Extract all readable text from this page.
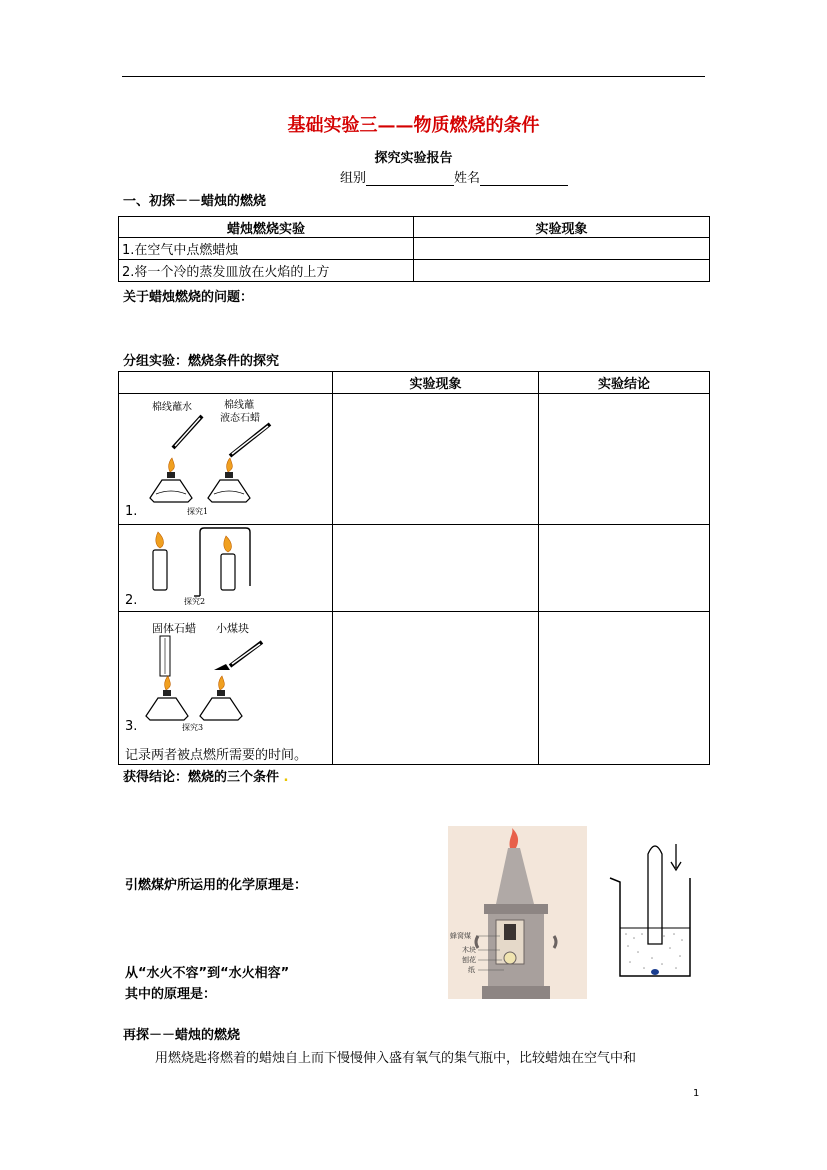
基础实验三——物质燃烧的条件
探究实验报告
组别	姓名
一、初探－－蜡烛的燃烧
蜡烛燃烧实验	实验现象
1.在空气中点燃蜡烛	
2.将一个冷的蒸发皿放在火焰的上方	
关于蜡烛燃烧的问题：
分组实验：燃烧条件的探究
	实验现象	实验结论

棉线蘸水	棉线蘸
液态石蜡
探究1
1.
探究2
2.
固体石蜡 小煤块
探究3
3.
记录两者被点燃所需要的时间。
获得结论：燃烧的三个条件 .
引燃煤炉所运用的化学原理是：
从“水火不容”到“水火相容”
其中的原理是：
蜂窝煤
木块
刨花
纸
再探－－蜡烛的燃烧
用燃烧匙将燃着的蜡烛自上而下慢慢伸入盛有氧气的集气瓶中，比较蜡烛在空气中和
1
